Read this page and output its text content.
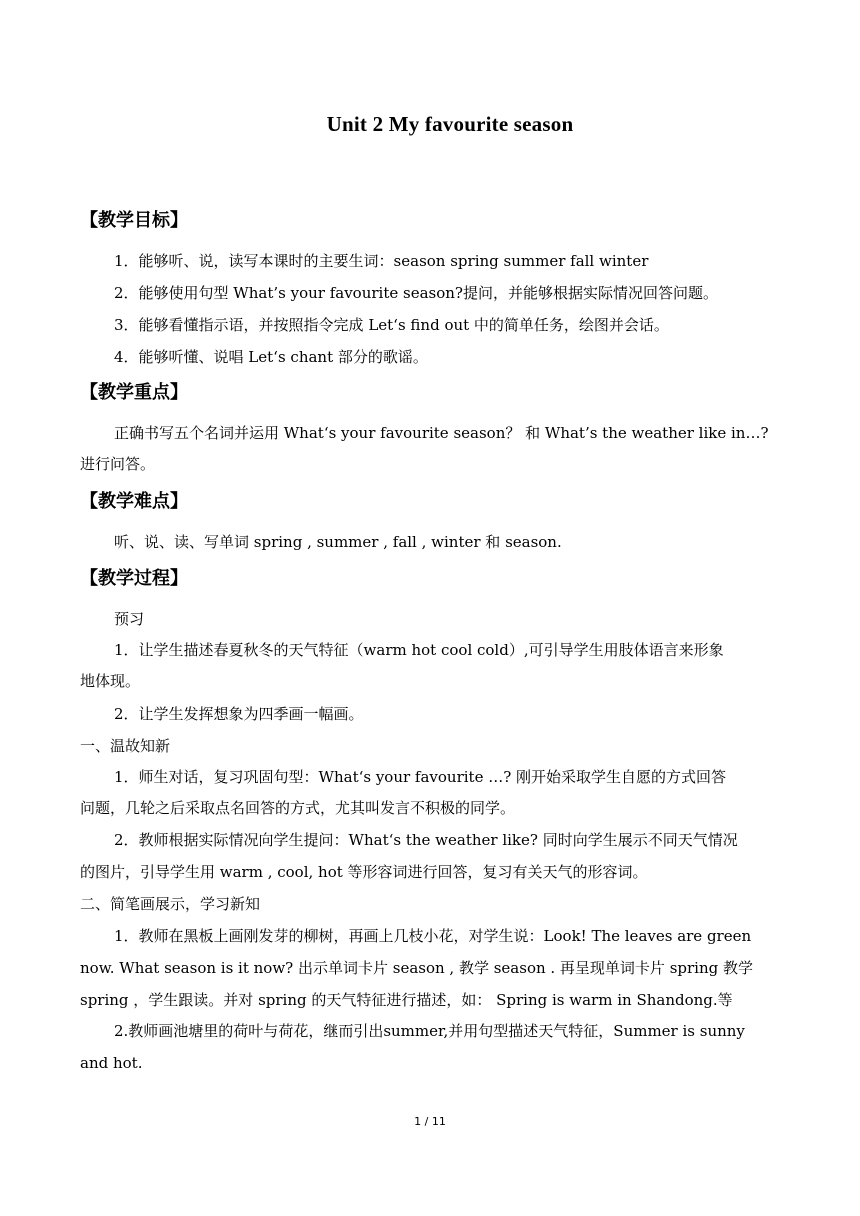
Unit 2 My favourite season
【教学目标】
1．能够听、说，读写本课时的主要生词：season spring summer fall winter
2．能够使用句型 What’s your favourite season?提问，并能够根据实际情况回答问题。
3．能够看懂指示语，并按照指令完成 Let‘s find out 中的简单任务，绘图并会话。
4．能够听懂、说唱 Let‘s chant 部分的歌谣。
【教学重点】
正确书写五个名词并运用 What‘s your favourite season？ 和 What’s the weather like in…?
进行问答。
【教学难点】
听、说、读、写单词 spring , summer , fall , winter 和 season.
【教学过程】
预习
1．让学生描述春夏秋冬的天气特征（warm hot cool cold）,可引导学生用肢体语言来形象
地体现。
2．让学生发挥想象为四季画一幅画。
一、温故知新
1．师生对话，复习巩固句型：What‘s your favourite …? 刚开始采取学生自愿的方式回答
问题，几轮之后采取点名回答的方式，尤其叫发言不积极的同学。
2．教师根据实际情况向学生提问：What‘s the weather like? 同时向学生展示不同天气情况
的图片，引导学生用 warm , cool, hot 等形容词进行回答，复习有关天气的形容词。
二、简笔画展示，学习新知
1．教师在黑板上画刚发芽的柳树，再画上几枝小花，对学生说：Look! The leaves are green
now. What season is it now? 出示单词卡片 season , 教学 season . 再呈现单词卡片 spring 教学
spring ，学生跟读。并对 spring 的天气特征进行描述，如： Spring is warm in Shandong.等
2.教师画池塘里的荷叶与荷花，继而引出summer,并用句型描述天气特征，Summer is sunny
and hot.
1 / 11
